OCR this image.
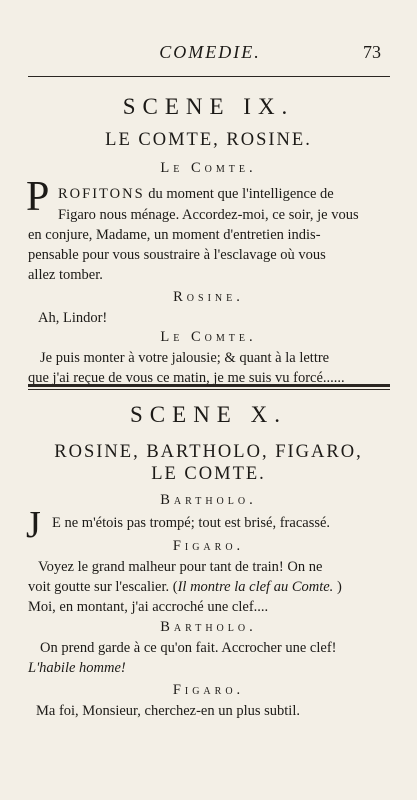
COMEDIE.	73
SCENE IX.
LE COMTE, ROSINE.
Le Comte.
P ROFITONS du moment que l'intelligence de
Figaro nous ménage. Accordez-moi, ce soir, je vous
en conjure, Madame, un moment d'entretien indis-
pensable pour vous soustraire à l'esclavage où vous
allez tomber.
Rosine.
Ah, Lindor!
Le Comte.
Je puis monter à votre jalousie; & quant à la lettre
que j'ai reçue de vous ce matin, je me suis vu forcé......
SCENE X.
ROSINE, BARTHOLO, FIGARO,
LE COMTE.
Bartholo.
J E ne m'étois pas trompé; tout est brisé, fracassé.
Figaro.
Voyez le grand malheur pour tant de train! On ne
voit goutte sur l'escalier. (Il montre la clef au Comte. )
Moi, en montant, j'ai accroché une clef....
Bartholo.
On prend garde à ce qu'on fait. Accrocher une clef!
L'habile homme!
Figaro.
Ma foi, Monsieur, cherchez-en un plus subtil.
